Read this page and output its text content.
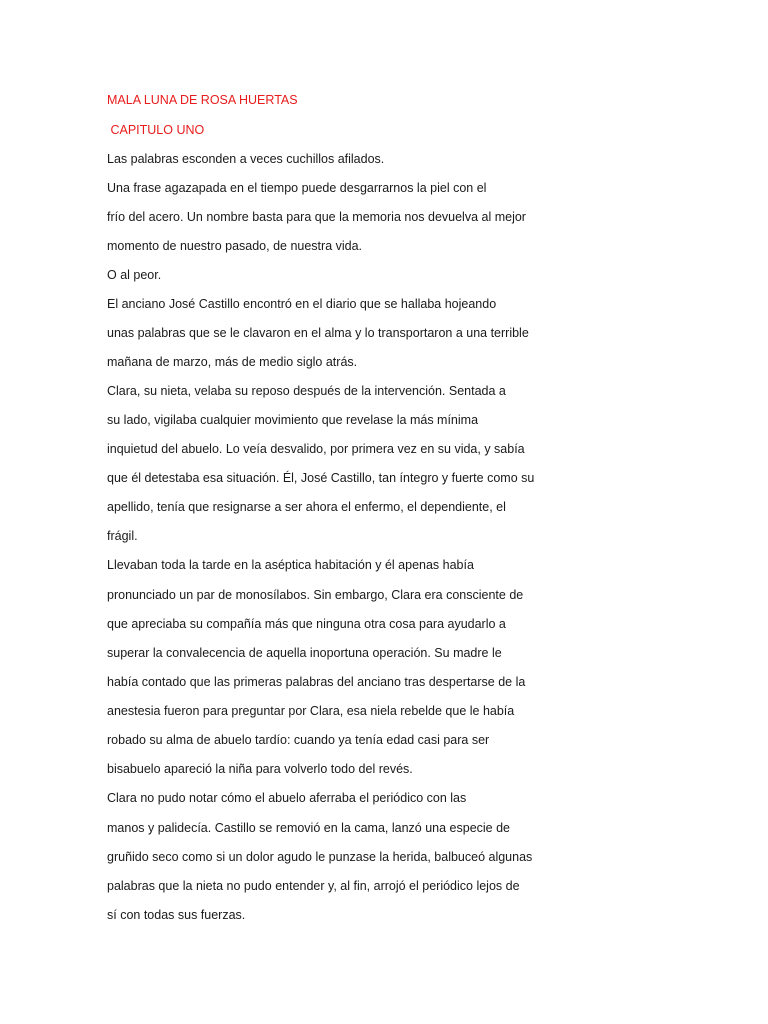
MALA LUNA DE ROSA HUERTAS

CAPITULO UNO

Las palabras esconden a veces cuchillos afilados.

Una frase agazapada en el tiempo puede desgarrarnos la piel con el

frío del acero. Un nombre basta para que la memoria nos devuelva al mejor

momento de nuestro pasado, de nuestra vida.

O al peor.

El anciano José Castillo encontró en el diario que se hallaba hojeando

unas palabras que se le clavaron en el alma y lo transportaron a una terrible

mañana de marzo, más de medio siglo atrás.

Clara, su nieta, velaba su reposo después de la intervención. Sentada a

su lado, vigilaba cualquier movimiento que revelase la más mínima

inquietud del abuelo. Lo veía desvalido, por primera vez en su vida, y sabía

que él detestaba esa situación. Él, José Castillo, tan íntegro y fuerte como su

apellido, tenía que resignarse a ser ahora el enfermo, el dependiente, el

frágil.

Llevaban toda la tarde en la aséptica habitación y él apenas había

pronunciado un par de monosílabos. Sin embargo, Clara era consciente de

que apreciaba su compañía más que ninguna otra cosa para ayudarlo a

superar la convalecencia de aquella inoportuna operación. Su madre le

había contado que las primeras palabras del anciano tras despertarse de la

anestesia fueron para preguntar por Clara, esa niela rebelde que le había

robado su alma de abuelo tardío: cuando ya tenía edad casi para ser

bisabuelo apareció la niña para volverlo todo del revés.

Clara no pudo notar cómo el abuelo aferraba el periódico con las

manos y palidecía. Castillo se removió en la cama, lanzó una especie de

gruñido seco como si un dolor agudo le punzase la herida, balbuceó algunas

palabras que la nieta no pudo entender y, al fin, arrojó el periódico lejos de

sí con todas sus fuerzas.
